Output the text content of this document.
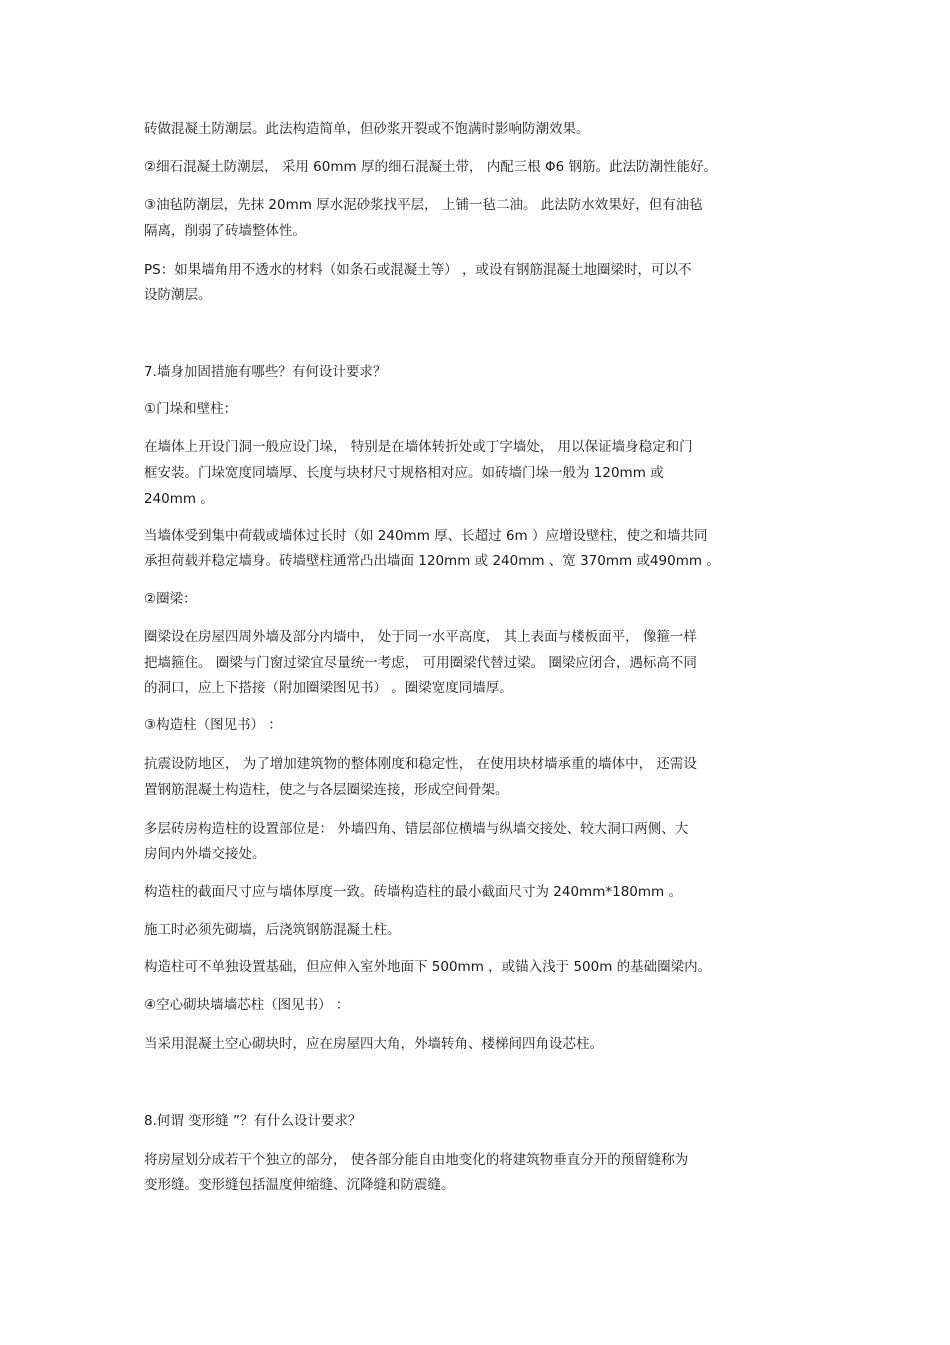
砖做混凝土防潮层。此法构造简单，但砂浆开裂或不饱满时影响防潮效果。
②细石混凝土防潮层， 采用 60mm 厚的细石混凝土带， 内配三根 Φ6 钢筋。此法防潮性能好。
③油毡防潮层，先抹 20mm 厚水泥砂浆找平层， 上铺一毡二油。 此法防水效果好，但有油毡
隔离，削弱了砖墙整体性。
PS：如果墙角用不透水的材料（如条石或混凝土等） ，或设有钢筋混凝土地圈梁时，可以不
设防潮层。
7.墙身加固措施有哪些？有何设计要求？
①门垛和壁柱：
在墙体上开设门洞一般应设门垛， 特别是在墙体转折处或丁字墙处， 用以保证墙身稳定和门
框安装。门垛宽度同墙厚、长度与块材尺寸规格相对应。如砖墙门垛一般为 120mm 或
240mm 。
当墙体受到集中荷载或墙体过长时（如 240mm 厚、长超过 6m ）应增设壁柱，使之和墙共同
承担荷载并稳定墙身。砖墙壁柱通常凸出墙面 120mm 或 240mm 、宽 370mm 或490mm 。
②圈梁：
圈梁设在房屋四周外墙及部分内墙中， 处于同一水平高度， 其上表面与楼板面平， 像箍一样
把墙箍住。 圈梁与门窗过梁宜尽量统一考虑， 可用圈梁代替过梁。 圈梁应闭合，遇标高不同
的洞口，应上下搭接（附加圈梁图见书） 。圈梁宽度同墙厚。
③构造柱（图见书） ：
抗震设防地区， 为了增加建筑物的整体刚度和稳定性， 在使用块材墙承重的墙体中， 还需设
置钢筋混凝土构造柱，使之与各层圈梁连接，形成空间骨架。
多层砖房构造柱的设置部位是： 外墙四角、错层部位横墙与纵墙交接处、较大洞口两侧、大
房间内外墙交接处。
构造柱的截面尺寸应与墙体厚度一致。砖墙构造柱的最小截面尺寸为 240mm*180mm 。
施工时必须先砌墙，后浇筑钢筋混凝土柱。
构造柱可不单独设置基础，但应伸入室外地面下 500mm ，或锚入浅于 500m 的基础圈梁内。
④空心砌块墙墙芯柱（图见书） ：
当采用混凝土空心砌块时，应在房屋四大角，外墙转角、楼梯间四角设芯柱。
8.何谓 变形缝 ”？有什么设计要求？
将房屋划分成若干个独立的部分， 使各部分能自由地变化的将建筑物垂直分开的预留缝称为
变形缝。变形缝包括温度伸缩缝、沉降缝和防震缝。
